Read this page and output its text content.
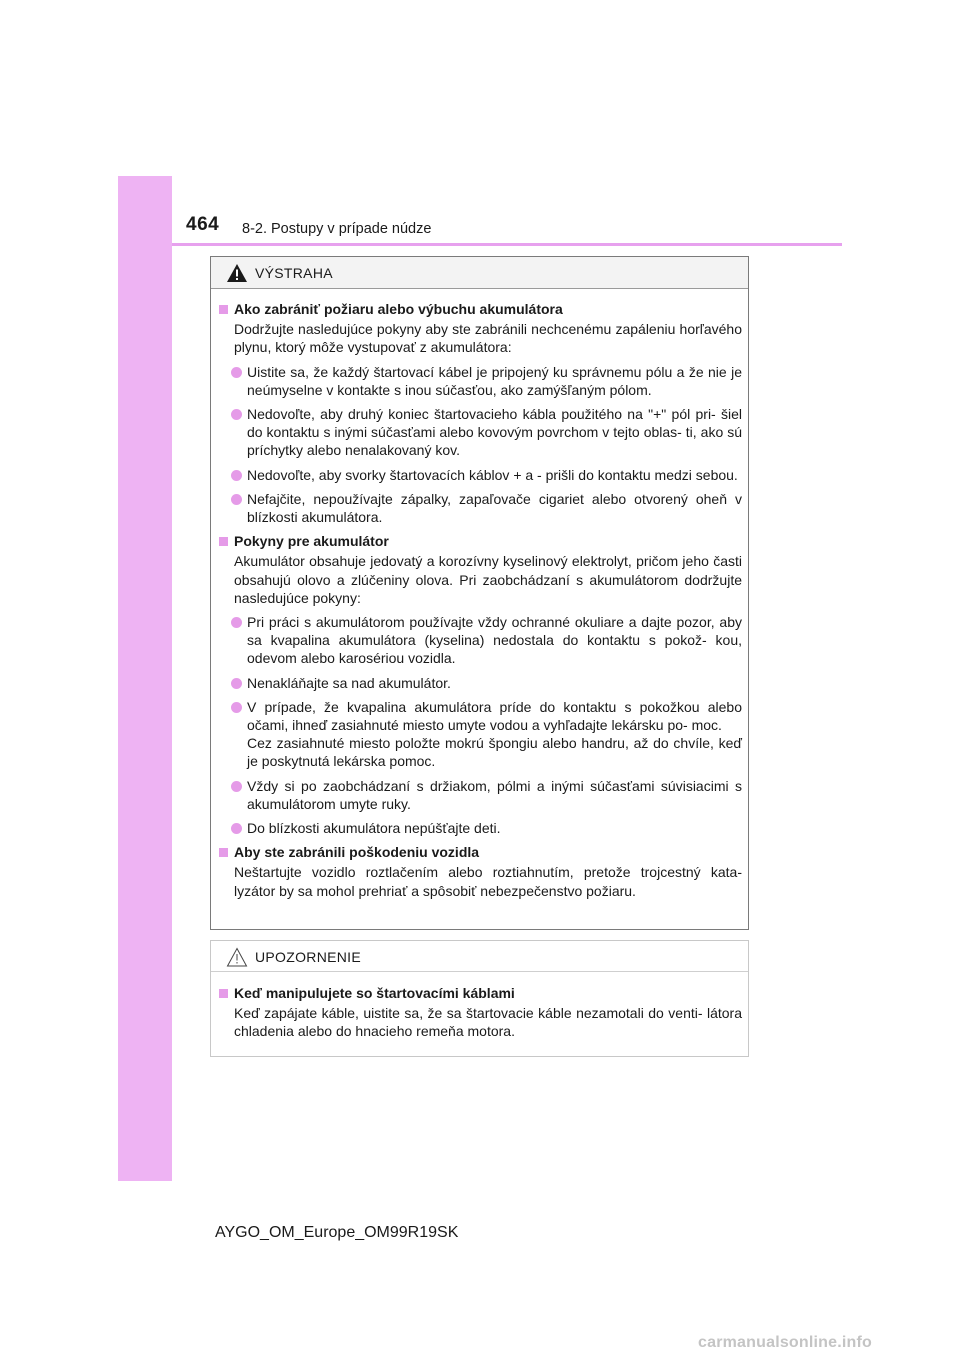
464 8-2. Postupy v prípade núdze
VÝSTRAHA
Ako zabrániť požiaru alebo výbuchu akumulátora
Dodržujte nasledujúce pokyny aby ste zabránili nechcenému zapáleniu horľavého plynu, ktorý môže vystupovať z akumulátora:
Uistite sa, že každý štartovací kábel je pripojený ku správnemu pólu a že nie je neúmyselne v kontakte s inou súčasťou, ako zamýšľaným pólom.
Nedovoľte, aby druhý koniec štartovacieho kábla použitého na "+" pól pri- šiel do kontaktu s inými súčasťami alebo kovovým povrchom v tejto oblas- ti, ako sú príchytky alebo nenalakovaný kov.
Nedovoľte, aby svorky štartovacích káblov + a - prišli do kontaktu medzi sebou.
Nefajčite, nepoužívajte zápalky, zapaľovače cigariet alebo otvorený oheň v blízkosti akumulátora.
Pokyny pre akumulátor
Akumulátor obsahuje jedovatý a korozívny kyselinový elektrolyt, pričom jeho časti obsahujú olovo a zlúčeniny olova. Pri zaobchádzaní s akumulátorom dodržujte nasledujúce pokyny:
Pri práci s akumulátorom používajte vždy ochranné okuliare a dajte pozor, aby sa kvapalina akumulátora (kyselina) nedostala do kontaktu s pokož- kou, odevom alebo karosériou vozidla.
Nenakláňajte sa nad akumulátor.
V prípade, že kvapalina akumulátora príde do kontaktu s pokožkou alebo očami, ihneď zasiahnuté miesto umyte vodou a vyhľadajte lekársku po- moc.
Cez zasiahnuté miesto položte mokrú špongiu alebo handru, až do chvíle, keď je poskytnutá lekárska pomoc.
Vždy si po zaobchádzaní s držiakom, pólmi a inými súčasťami súvisiacimi s akumulátorom umyte ruky.
Do blízkosti akumulátora nepúšťajte deti.
Aby ste zabránili poškodeniu vozidla
Neštartujte vozidlo roztlačením alebo roztiahnutím, pretože trojcestný kata- lyzátor by sa mohol prehriať a spôsobiť nebezpečenstvo požiaru.
UPOZORNENIE
Keď manipulujete so štartovacími káblami
Keď zapájate káble, uistite sa, že sa štartovacie káble nezamotali do venti- látora chladenia alebo do hnacieho remeňa motora.
AYGO_OM_Europe_OM99R19SK
carmanualsonline.info
